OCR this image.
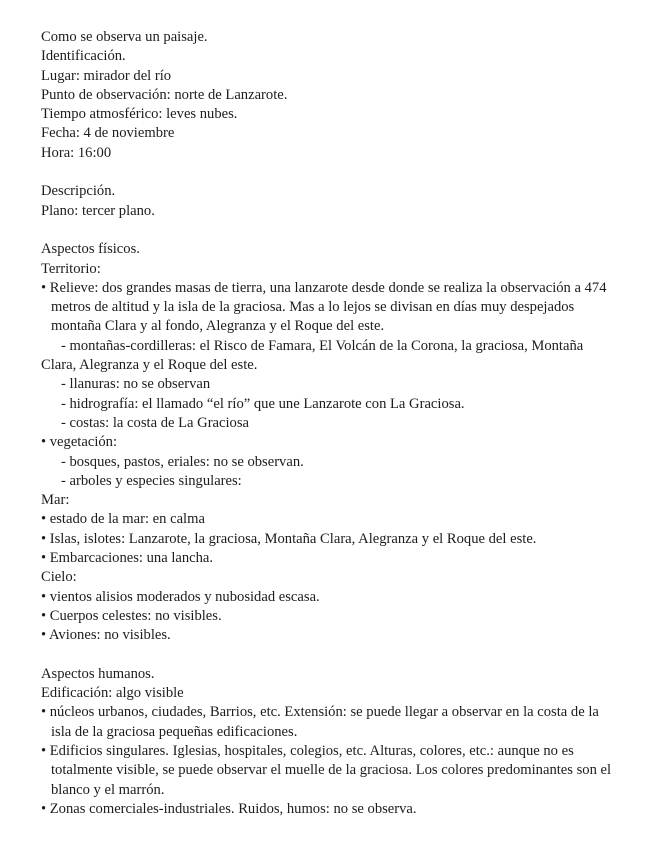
Como se observa un paisaje.

Identificación.

Lugar: mirador del río

Punto de observación: norte de Lanzarote.

Tiempo atmosférico: leves nubes.

Fecha: 4 de noviembre

Hora: 16:00

Descripción.

Plano: tercer plano.

Aspectos físicos.

Territorio:

• Relieve: dos grandes masas de tierra, una lanzarote desde donde se realiza la observación a 474 metros de altitud y la isla de la graciosa. Mas a lo lejos se divisan en días muy despejados montaña Clara y al fondo, Alegranza y el Roque del este.

- montañas-cordilleras: el Risco de Famara, El Volcán de la Corona, la graciosa, Montaña Clara, Alegranza y el Roque del este.

- llanuras: no se observan

- hidrografía: el llamado “el río” que une Lanzarote con La Graciosa.

- costas: la costa de La Graciosa

• vegetación:

- bosques, pastos, eriales: no se observan.

- arboles y especies singulares:

Mar:

• estado de la mar: en calma

• Islas, islotes: Lanzarote, la graciosa, Montaña Clara, Alegranza y el Roque del este.

• Embarcaciones: una lancha.

Cielo:

• vientos alisios moderados y nubosidad escasa.

• Cuerpos celestes: no visibles.

• Aviones: no visibles.

Aspectos humanos.

Edificación: algo visible

• núcleos urbanos, ciudades, Barrios, etc. Extensión: se puede llegar a observar en la costa de la isla de la graciosa pequeñas edificaciones.

• Edificios singulares. Iglesias, hospitales, colegios, etc. Alturas, colores, etc.: aunque no es totalmente visible, se puede observar el muelle de la graciosa. Los colores predominantes son el blanco y el marrón.

• Zonas comerciales-industriales. Ruidos, humos: no se observa.
